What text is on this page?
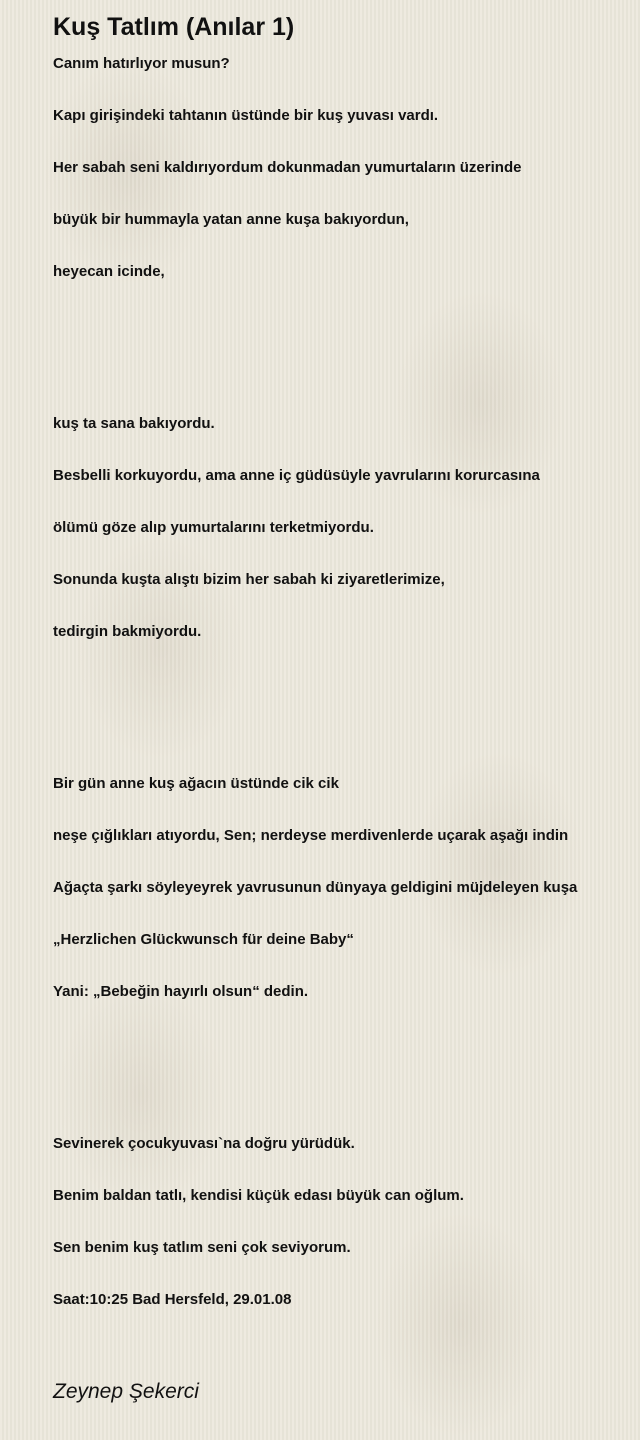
Kuş Tatlım (Anılar 1)

Canım hatırlıyor musun?

Kapı girişindeki tahtanın üstünde bir kuş yuvası vardı.

Her sabah seni kaldırıyordum dokunmadan yumurtaların üzerinde

büyük bir hummayla yatan anne kuşa bakıyordun,

heyecan icinde,

kuş ta sana bakıyordu.

Besbelli korkuyordu, ama anne iç güdüsüyle yavrularını korurcasına

ölümü göze alıp yumurtalarını terketmiyordu.

Sonunda kuşta alıştı bizim her sabah ki ziyaretlerimize,

tedirgin bakmiyordu.

Bir gün anne kuş ağacın üstünde cik cik

neşe çığlıkları atıyordu, Sen; nerdeyse merdivenlerde uçarak aşağı indin

Ağaçta şarkı söyleyeyrek yavrusunun dünyaya geldigini müjdeleyen kuşa

„Herzlichen Glückwunsch für deine Baby“

Yani: „Bebeğin hayırlı olsun“ dedin.

Sevinerek çocukyuvası`na doğru yürüdük.

Benim baldan tatlı, kendisi küçük edası büyük can oğlum.

Sen benim kuş tatlım seni çok seviyorum.

Saat:10:25 Bad Hersfeld, 29.01.08

Zeynep Şekerci
